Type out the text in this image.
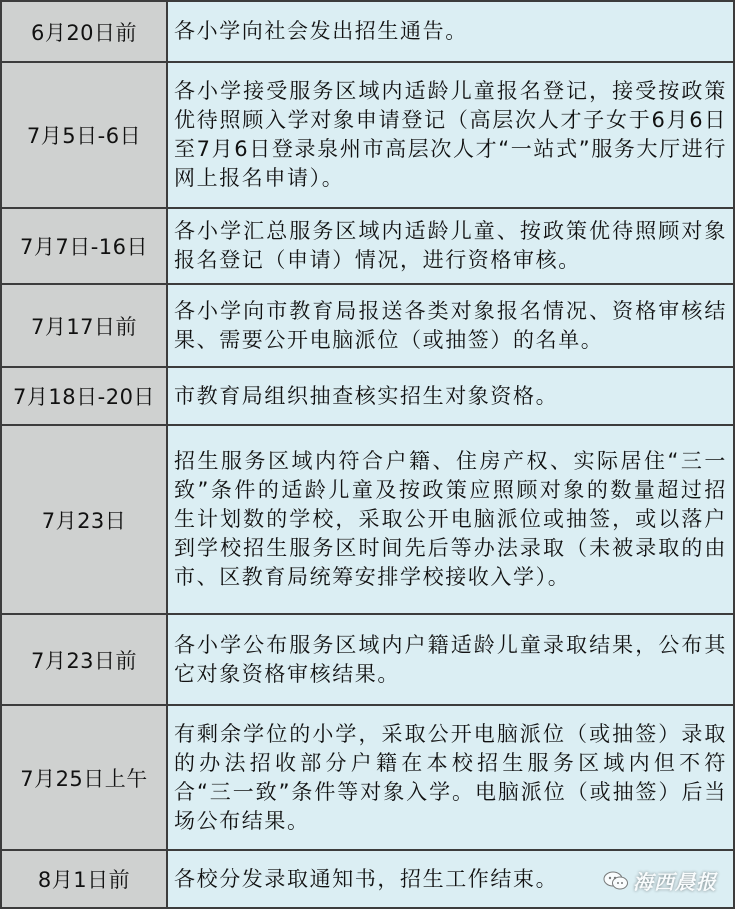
6月20日前	各小学向社会发出招生通告。
7月5日-6日	各小学接受服务区域内适龄儿童报名登记，接受按政策优待照顾入学对象申请登记（高层次人才子女于6月6日至7月6日登录泉州市高层次人才“一站式”服务大厅进行网上报名申请）。
7月7日-16日	各小学汇总服务区域内适龄儿童、按政策优待照顾对象报名登记（申请）情况，进行资格审核。
7月17日前	各小学向市教育局报送各类对象报名情况、资格审核结果、需要公开电脑派位（或抽签）的名单。
7月18日-20日	市教育局组织抽查核实招生对象资格。
7月23日	招生服务区域内符合户籍、住房产权、实际居住“三一致”条件的适龄儿童及按政策应照顾对象的数量超过招生计划数的学校，采取公开电脑派位或抽签，或以落户到学校招生服务区时间先后等办法录取（未被录取的由市、区教育局统筹安排学校接收入学）。
7月23日前	各小学公布服务区域内户籍适龄儿童录取结果，公布其它对象资格审核结果。
7月25日上午	有剩余学位的小学，采取公开电脑派位（或抽签）录取的办法招收部分户籍在本校招生服务区域内但不符合“三一致”条件等对象入学。电脑派位（或抽签）后当场公布结果。
8月1日前	各校分发录取通知书，招生工作结束。	海西晨报
